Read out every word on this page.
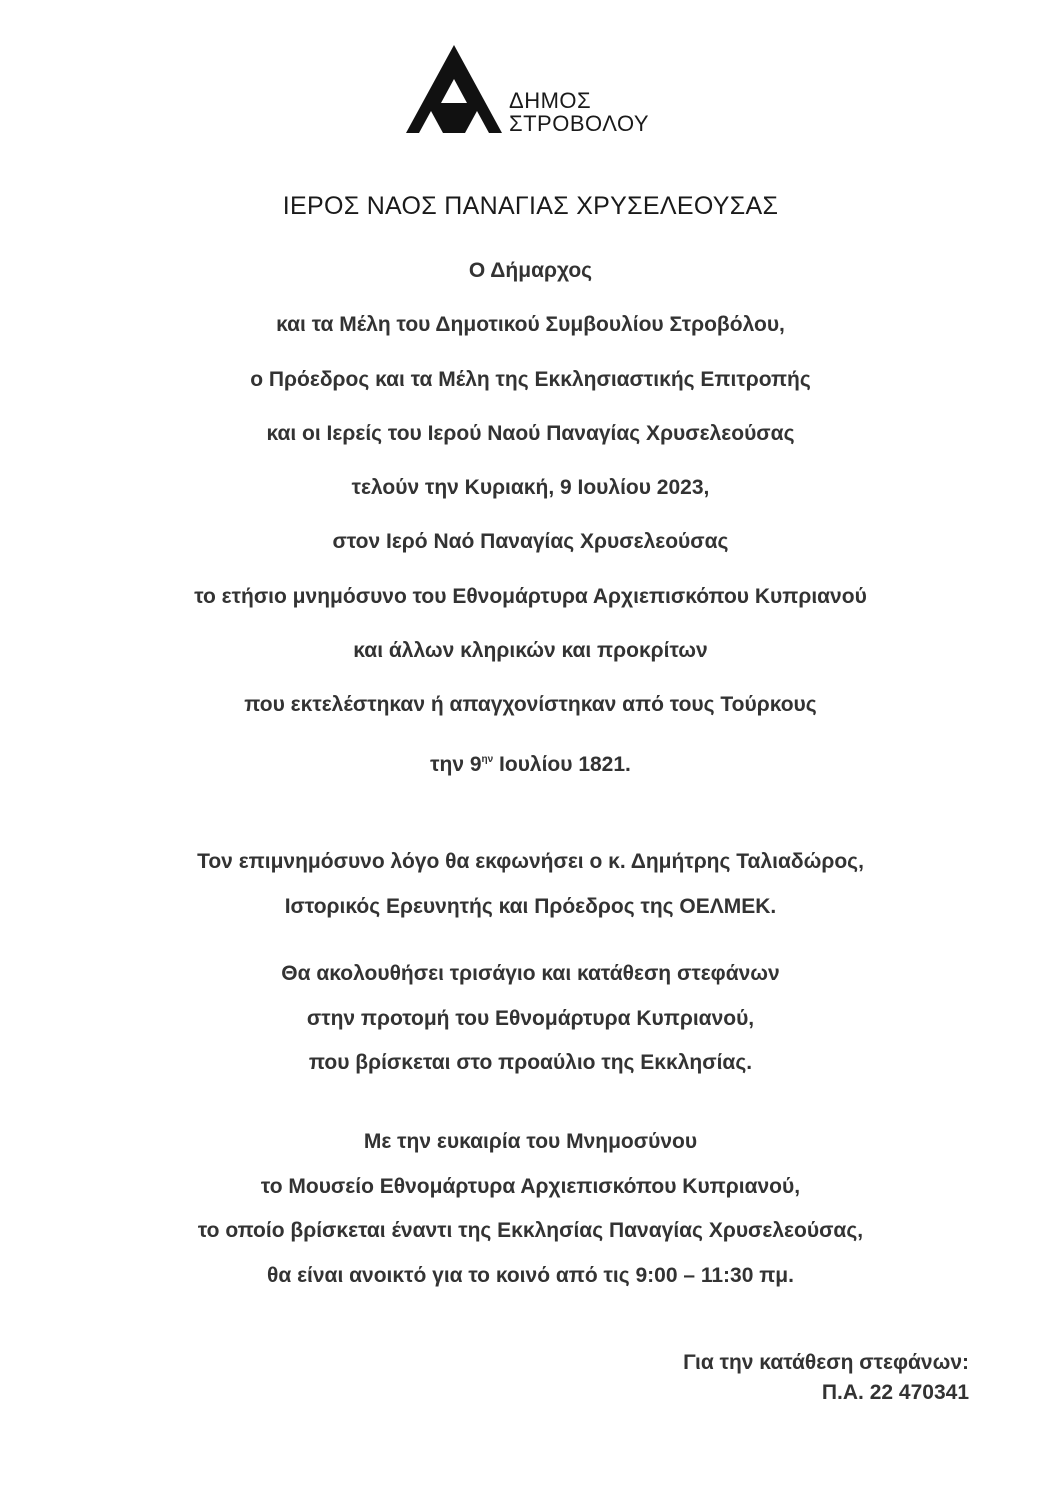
ΔΗΜΟΣ
ΣΤΡΟΒΟΛΟΥ
ΙΕΡΟΣ ΝΑΟΣ ΠΑΝΑΓΙΑΣ ΧΡΥΣΕΛΕΟΥΣΑΣ
Ο Δήμαρχος
και τα Μέλη του Δημοτικού Συμβουλίου Στροβόλου,
ο Πρόεδρος και τα Μέλη της Εκκλησιαστικής Επιτροπής
και οι Ιερείς του Ιερού Ναού Παναγίας Χρυσελεούσας
τελούν την Κυριακή, 9 Ιουλίου 2023,
στον Ιερό Ναό Παναγίας Χρυσελεούσας
το ετήσιο μνημόσυνο του Εθνομάρτυρα Αρχιεπισκόπου Κυπριανού
και άλλων κληρικών και προκρίτων
που εκτελέστηκαν ή απαγχονίστηκαν από τους Τούρκους
την $9^{\eta\nu}$ Ιουλίου 1821.
Τον επιμνημόσυνο λόγο θα εκφωνήσει ο κ. Δημήτρης Ταλιαδώρος,
Ιστορικός Ερευνητής και Πρόεδρος της ΟΕΛΜΕΚ.
Θα ακολουθήσει τρισάγιο και κατάθεση στεφάνων
στην προτομή του Εθνομάρτυρα Κυπριανού,
που βρίσκεται στο προαύλιο της Εκκλησίας.
Με την ευκαιρία του Μνημοσύνου
το Μουσείο Εθνομάρτυρα Αρχιεπισκόπου Κυπριανού,
το οποίο βρίσκεται έναντι της Εκκλησίας Παναγίας Χρυσελεούσας,
θα είναι ανοικτό για το κοινό από τις 9:00 – 11:30 πμ.
Για την κατάθεση στεφάνων:
Π.Α. 22 470341
